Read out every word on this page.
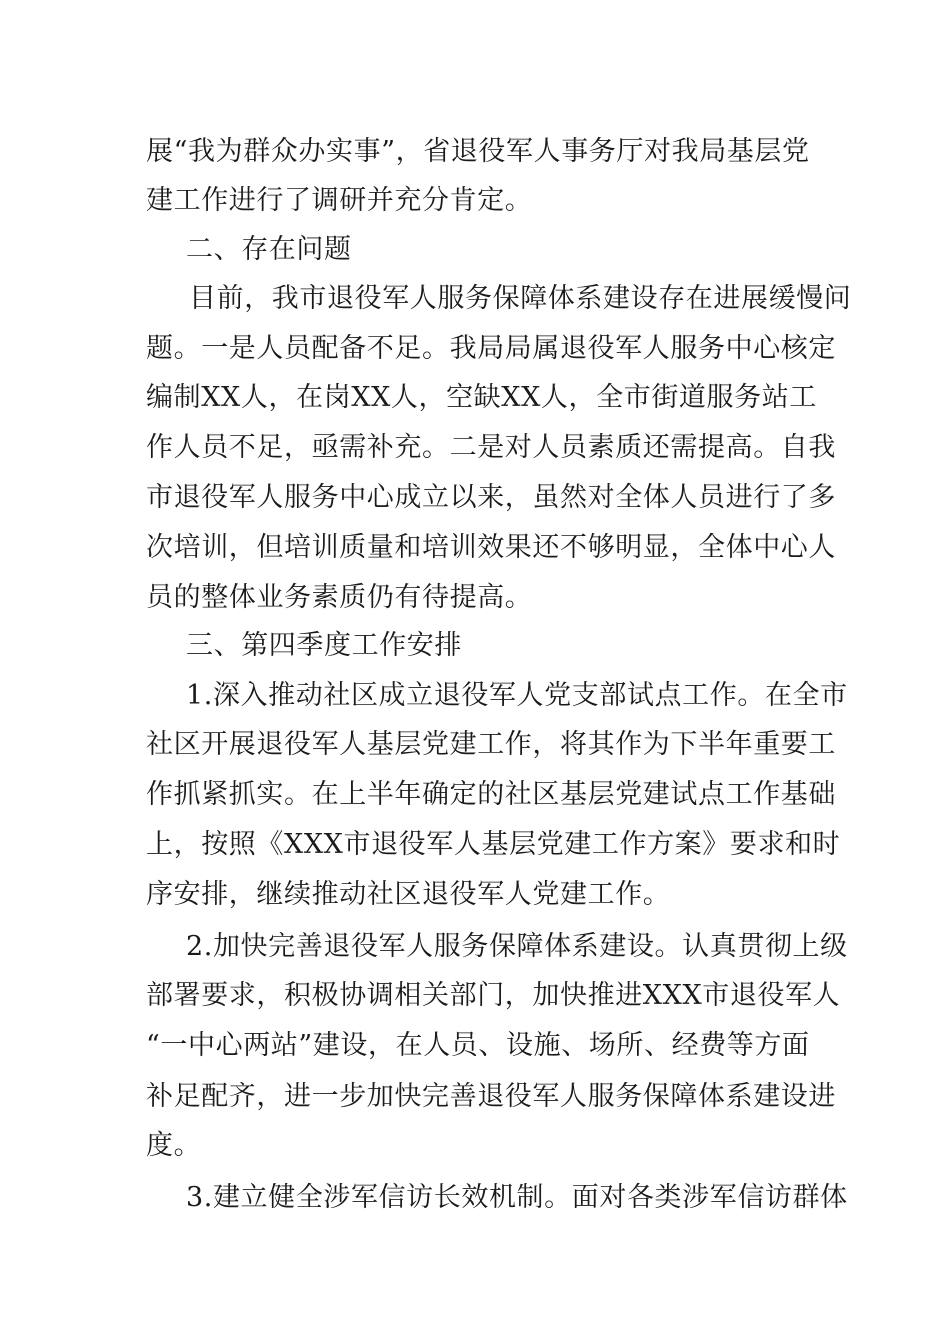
展“我为群众办实事”，省退役军人事务厅对我局基层党
建工作进行了调研并充分肯定。
二、存在问题
目前，我市退役军人服务保障体系建设存在进展缓慢问
题。一是人员配备不足。我局局属退役军人服务中心核定
编制XX人，在岗XX人，空缺XX人，全市街道服务站工
作人员不足，亟需补充。二是对人员素质还需提高。自我
市退役军人服务中心成立以来，虽然对全体人员进行了多
次培训，但培训质量和培训效果还不够明显，全体中心人
员的整体业务素质仍有待提高。
三、第四季度工作安排
1.深入推动社区成立退役军人党支部试点工作。在全市
社区开展退役军人基层党建工作，将其作为下半年重要工
作抓紧抓实。在上半年确定的社区基层党建试点工作基础
上，按照《XXX市退役军人基层党建工作方案》要求和时
序安排，继续推动社区退役军人党建工作。
2.加快完善退役军人服务保障体系建设。认真贯彻上级
部署要求，积极协调相关部门，加快推进XXX市退役军人
“一中心两站”建设，在人员、设施、场所、经费等方面
补足配齐，进一步加快完善退役军人服务保障体系建设进
度。
3.建立健全涉军信访长效机制。面对各类涉军信访群体
